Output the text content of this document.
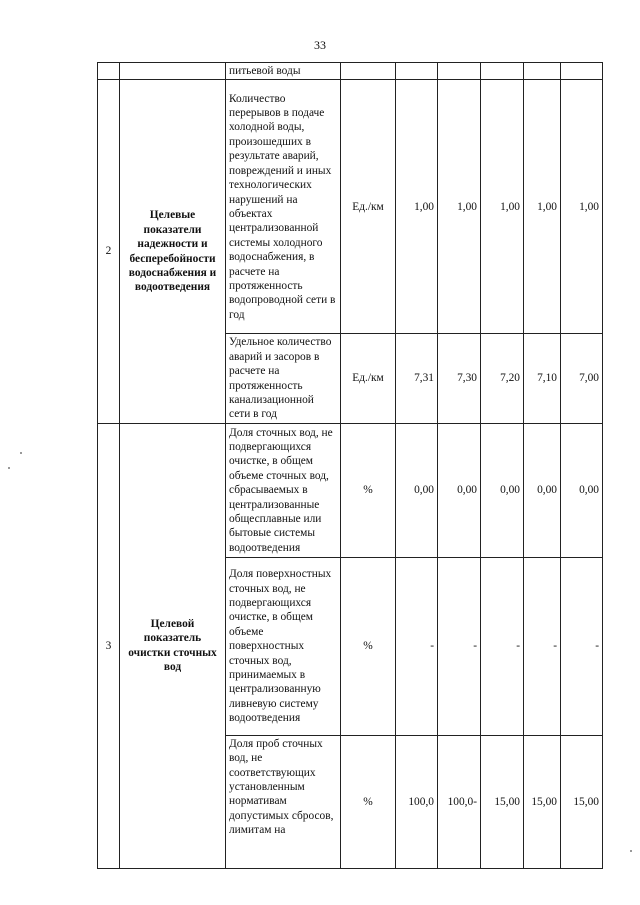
33
		питьевой воды						
2	Целевые показатели надежности и бесперебойности водоснабжения и водоотведения	Количество перерывов в подаче холодной воды, произошедших в результате аварий, повреждений и иных технологических нарушений на объектах централизованной системы холодного водоснабжения, в расчете на протяженность водопроводной сети в год	Ед./км	1,00	1,00	1,00	1,00	1,00
		Удельное количество аварий и засоров в расчете на протяженность канализационной сети в год	Ед./км	7,31	7,30	7,20	7,10	7,00
3	Целевой показатель очистки сточных вод	Доля сточных вод, не подвергающихся очистке, в общем объеме сточных вод, сбрасываемых в централизованные общесплавные или бытовые системы водоотведения	%	0,00	0,00	0,00	0,00	0,00
		Доля поверхностных сточных вод, не подвергающихся очистке, в общем объеме поверхностных сточных вод, принимаемых в централизованную ливневую систему водоотведения	%	-	-	-	-	-

		Доля проб сточных вод, не соответствующих установленным нормативам допустимых сбросов, лимитам на	%	100,0	100,0-	15,00	15,00	15,00
